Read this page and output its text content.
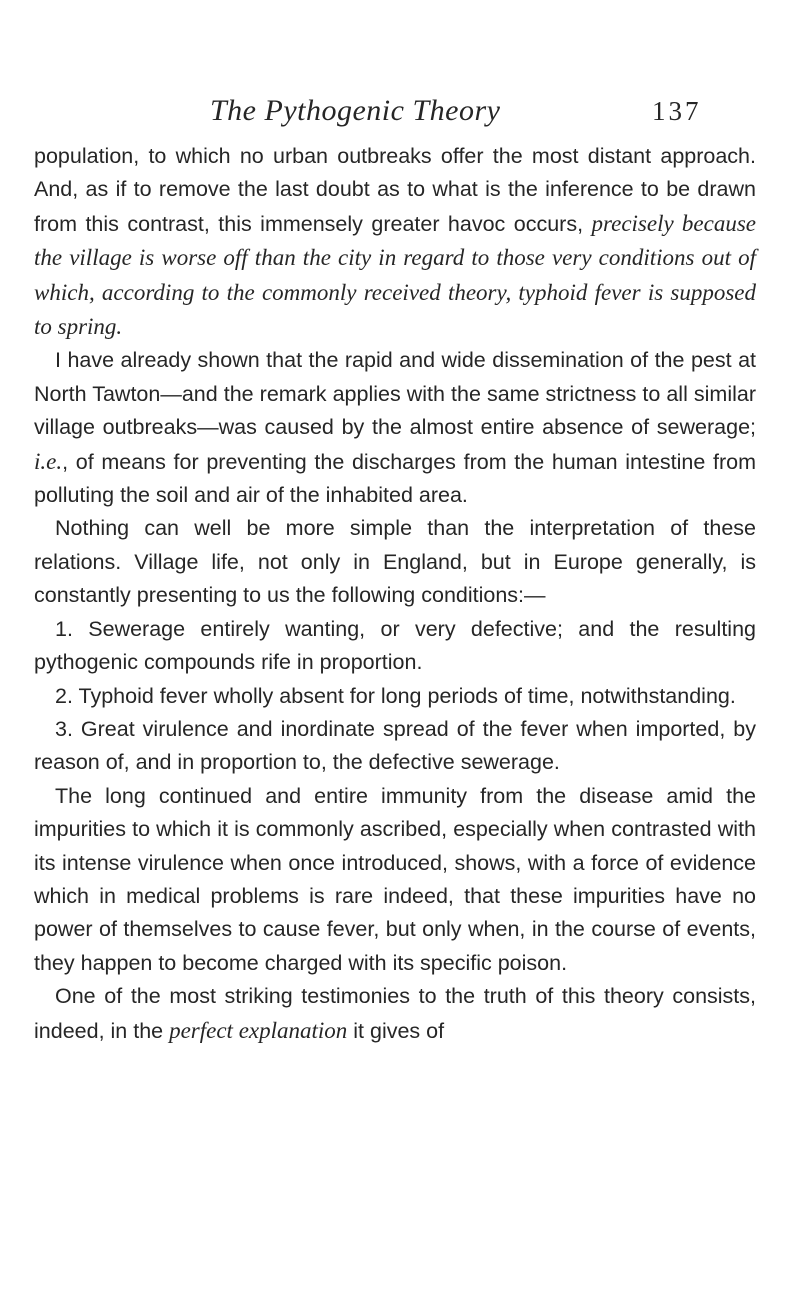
The Pythogenic Theory	137

population, to which no urban outbreaks offer the most distant approach. And, as if to remove the last doubt as to what is the inference to be drawn from this contrast, this immensely greater havoc occurs, precisely because the village is worse off than the city in regard to those very conditions out of which, according to the commonly received theory, typhoid fever is supposed to spring.

I have already shown that the rapid and wide dissemination of the pest at North Tawton—and the remark applies with the same strictness to all similar village outbreaks—was caused by the almost entire absence of sewerage; i.e., of means for preventing the discharges from the human intestine from polluting the soil and air of the inhabited area.

Nothing can well be more simple than the interpretation of these relations. Village life, not only in England, but in Europe generally, is constantly presenting to us the following conditions:—

1. Sewerage entirely wanting, or very defective; and the resulting pythogenic compounds rife in proportion.

2. Typhoid fever wholly absent for long periods of time, notwithstanding.

3. Great virulence and inordinate spread of the fever when imported, by reason of, and in proportion to, the defective sewerage.

The long continued and entire immunity from the disease amid the impurities to which it is commonly ascribed, especially when contrasted with its intense virulence when once introduced, shows, with a force of evidence which in medical problems is rare indeed, that these impurities have no power of themselves to cause fever, but only when, in the course of events, they happen to become charged with its specific poison.

One of the most striking testimonies to the truth of this theory consists, indeed, in the perfect explanation it gives of
